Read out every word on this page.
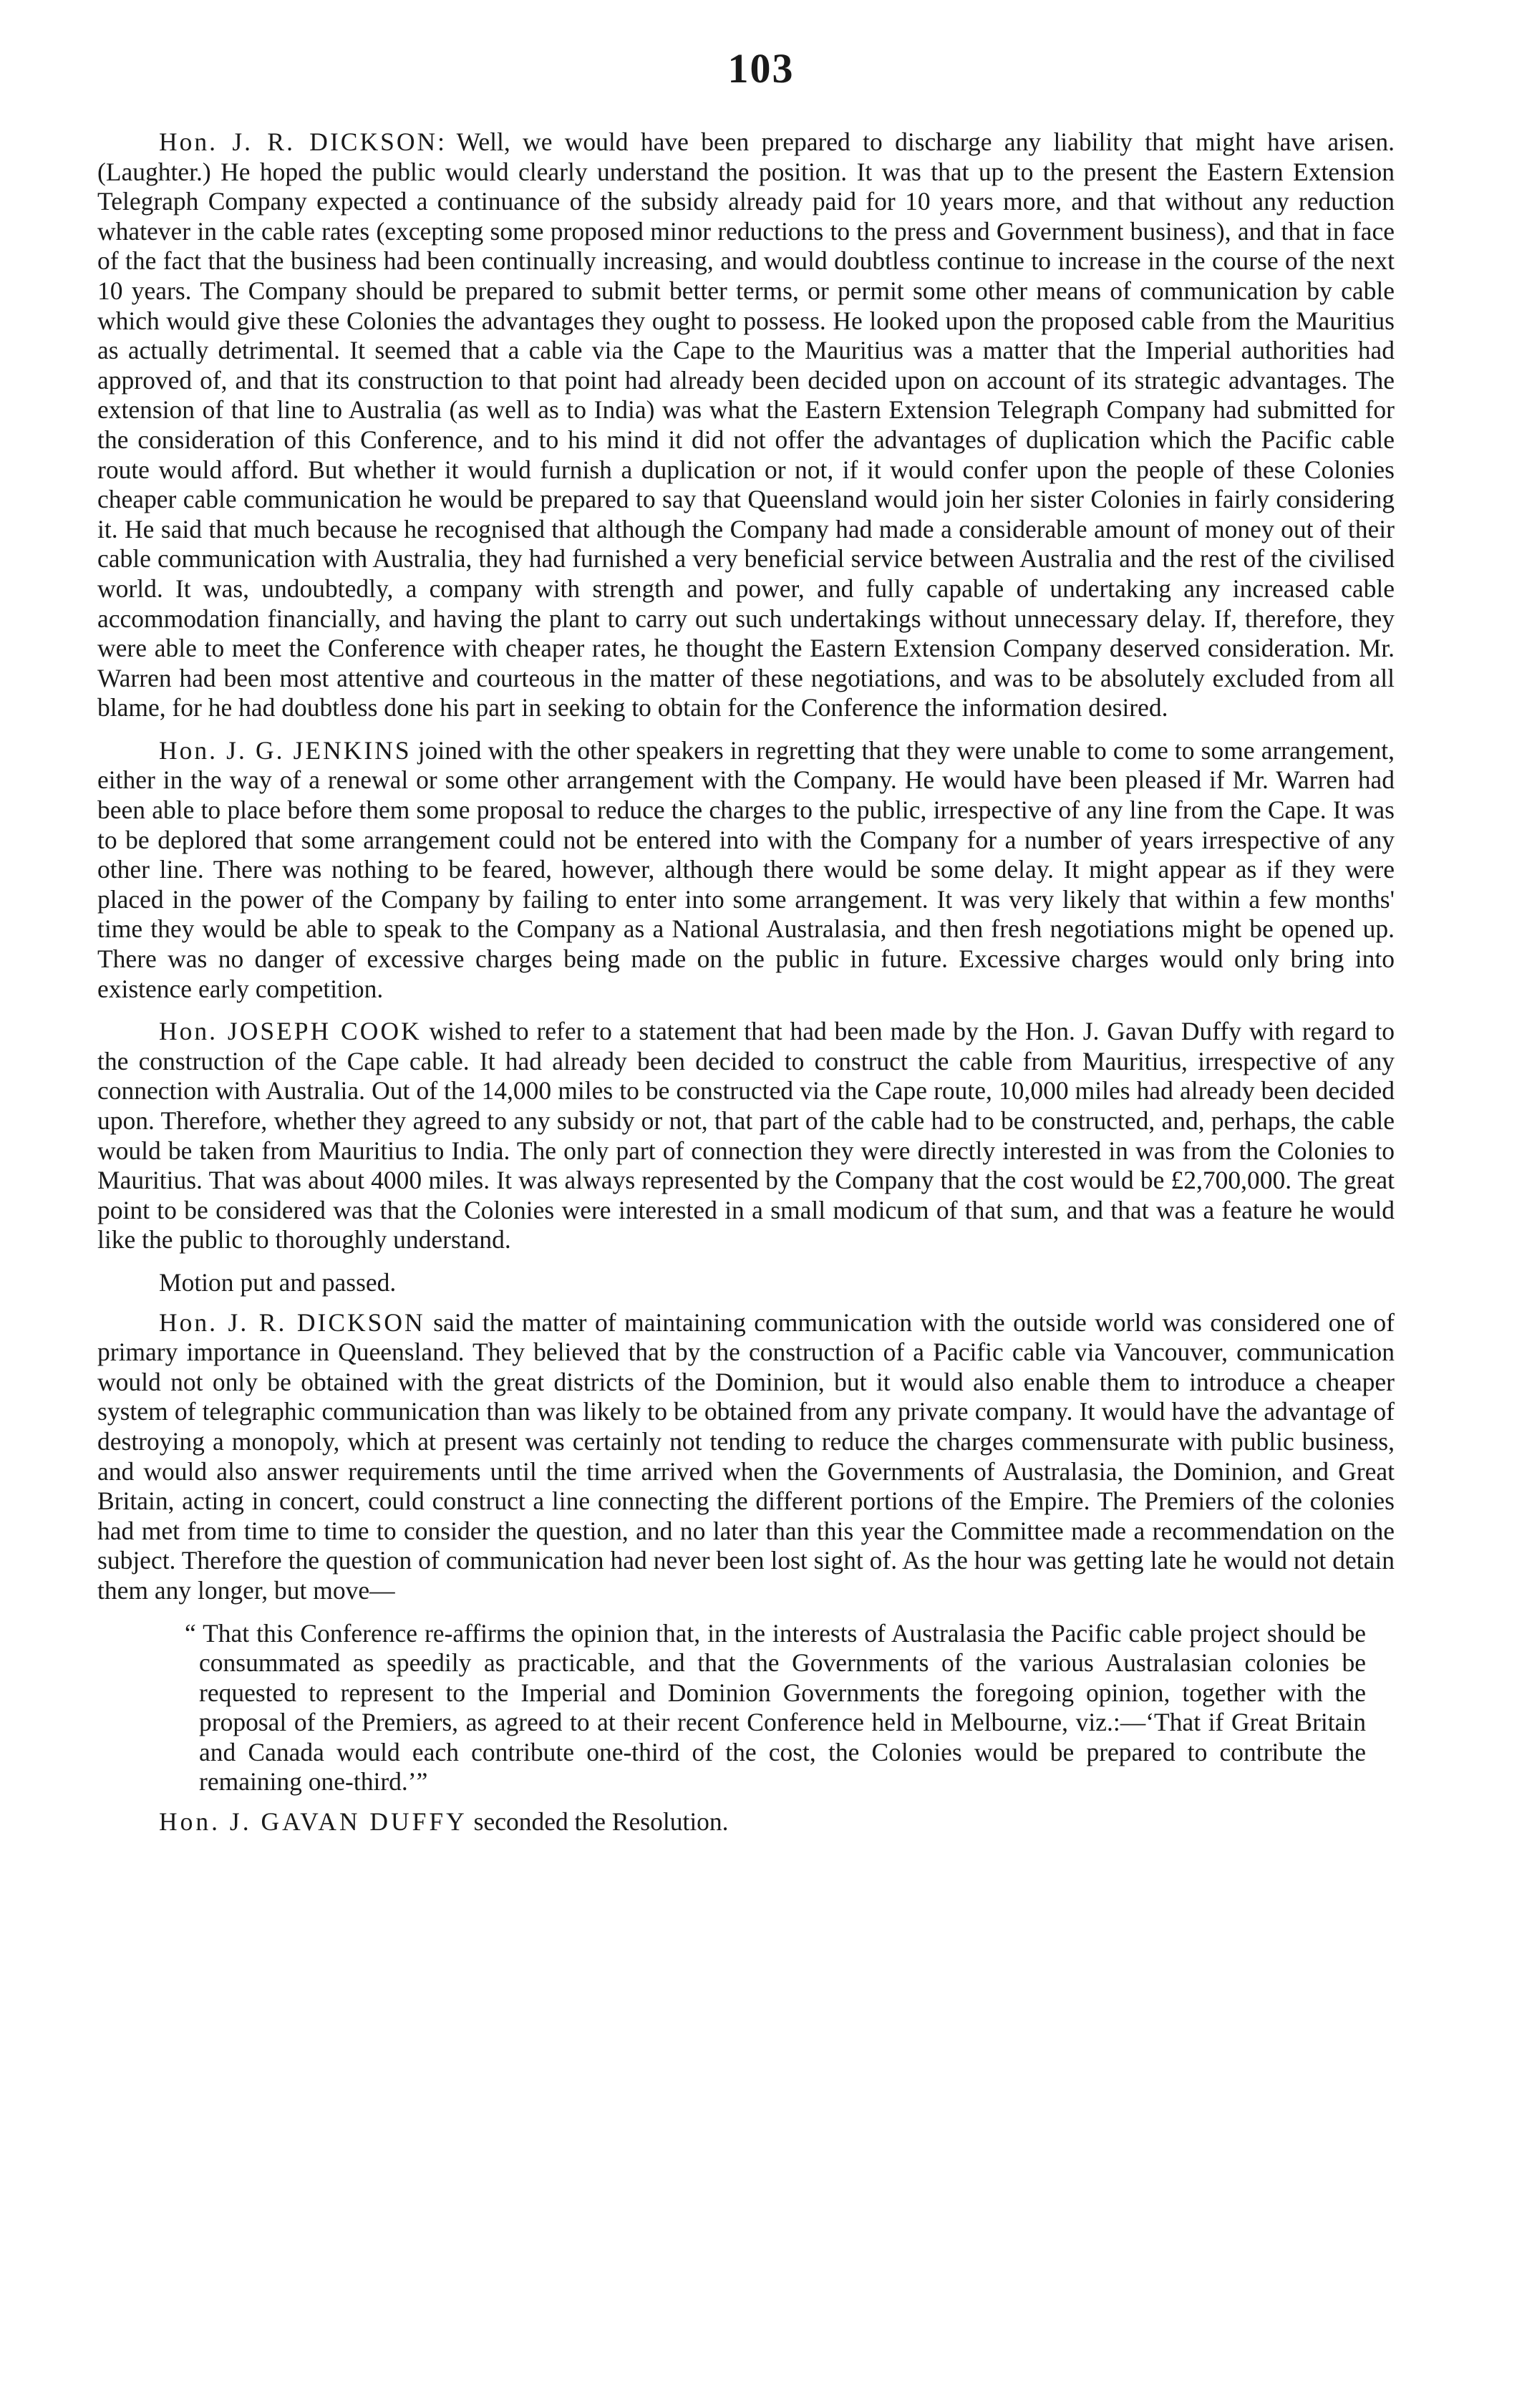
103

Hon. J. R. DICKSON: Well, we would have been prepared to discharge any liability that might have arisen. (Laughter.) He hoped the public would clearly understand the position. It was that up to the present the Eastern Extension Telegraph Company expected a continuance of the subsidy already paid for 10 years more, and that without any reduction whatever in the cable rates (excepting some proposed minor reductions to the press and Government business), and that in face of the fact that the business had been continually increasing, and would doubtless continue to increase in the course of the next 10 years. The Company should be prepared to submit better terms, or permit some other means of communication by cable which would give these Colonies the advantages they ought to possess. He looked upon the proposed cable from the Mauritius as actually detrimental. It seemed that a cable via the Cape to the Mauritius was a matter that the Imperial authorities had approved of, and that its construction to that point had already been decided upon on account of its strategic advantages. The extension of that line to Australia (as well as to India) was what the Eastern Extension Telegraph Company had submitted for the consideration of this Conference, and to his mind it did not offer the advantages of duplication which the Pacific cable route would afford. But whether it would furnish a duplication or not, if it would confer upon the people of these Colonies cheaper cable communication he would be prepared to say that Queensland would join her sister Colonies in fairly considering it. He said that much because he recognised that although the Company had made a considerable amount of money out of their cable communication with Australia, they had furnished a very beneficial service between Australia and the rest of the civilised world. It was, undoubtedly, a company with strength and power, and fully capable of undertaking any increased cable accommodation financially, and having the plant to carry out such undertakings without unnecessary delay. If, therefore, they were able to meet the Conference with cheaper rates, he thought the Eastern Extension Company deserved consideration. Mr. Warren had been most attentive and courteous in the matter of these negotiations, and was to be absolutely excluded from all blame, for he had doubtless done his part in seeking to obtain for the Conference the information desired.

Hon. J. G. JENKINS joined with the other speakers in regretting that they were unable to come to some arrangement, either in the way of a renewal or some other arrangement with the Company. He would have been pleased if Mr. Warren had been able to place before them some proposal to reduce the charges to the public, irrespective of any line from the Cape. It was to be deplored that some arrangement could not be entered into with the Company for a number of years irrespective of any other line. There was nothing to be feared, however, although there would be some delay. It might appear as if they were placed in the power of the Company by failing to enter into some arrangement. It was very likely that within a few months' time they would be able to speak to the Company as a National Australasia, and then fresh negotiations might be opened up. There was no danger of excessive charges being made on the public in future. Excessive charges would only bring into existence early competition.

Hon. JOSEPH COOK wished to refer to a statement that had been made by the Hon. J. Gavan Duffy with regard to the construction of the Cape cable. It had already been decided to construct the cable from Mauritius, irrespective of any connection with Australia. Out of the 14,000 miles to be constructed via the Cape route, 10,000 miles had already been decided upon. Therefore, whether they agreed to any subsidy or not, that part of the cable had to be constructed, and, perhaps, the cable would be taken from Mauritius to India. The only part of connection they were directly interested in was from the Colonies to Mauritius. That was about 4000 miles. It was always represented by the Company that the cost would be £2,700,000. The great point to be considered was that the Colonies were interested in a small modicum of that sum, and that was a feature he would like the public to thoroughly understand.

Motion put and passed.

Hon. J. R. DICKSON said the matter of maintaining communication with the outside world was considered one of primary importance in Queensland. They believed that by the construction of a Pacific cable via Vancouver, communication would not only be obtained with the great districts of the Dominion, but it would also enable them to introduce a cheaper system of telegraphic communication than was likely to be obtained from any private company. It would have the advantage of destroying a monopoly, which at present was certainly not tending to reduce the charges commensurate with public business, and would also answer requirements until the time arrived when the Governments of Australasia, the Dominion, and Great Britain, acting in concert, could construct a line connecting the different portions of the Empire. The Premiers of the colonies had met from time to time to consider the question, and no later than this year the Committee made a recommendation on the subject. Therefore the question of communication had never been lost sight of. As the hour was getting late he would not detain them any longer, but move—

“ That this Conference re-affirms the opinion that, in the interests of Australasia the Pacific cable project should be consummated as speedily as practicable, and that the Governments of the various Australasian colonies be requested to represent to the Imperial and Dominion Governments the foregoing opinion, together with the proposal of the Premiers, as agreed to at their recent Conference held in Melbourne, viz.:—‘That if Great Britain and Canada would each contribute one-third of the cost, the Colonies would be prepared to contribute the remaining one-third.’”

Hon. J. GAVAN DUFFY seconded the Resolution.
